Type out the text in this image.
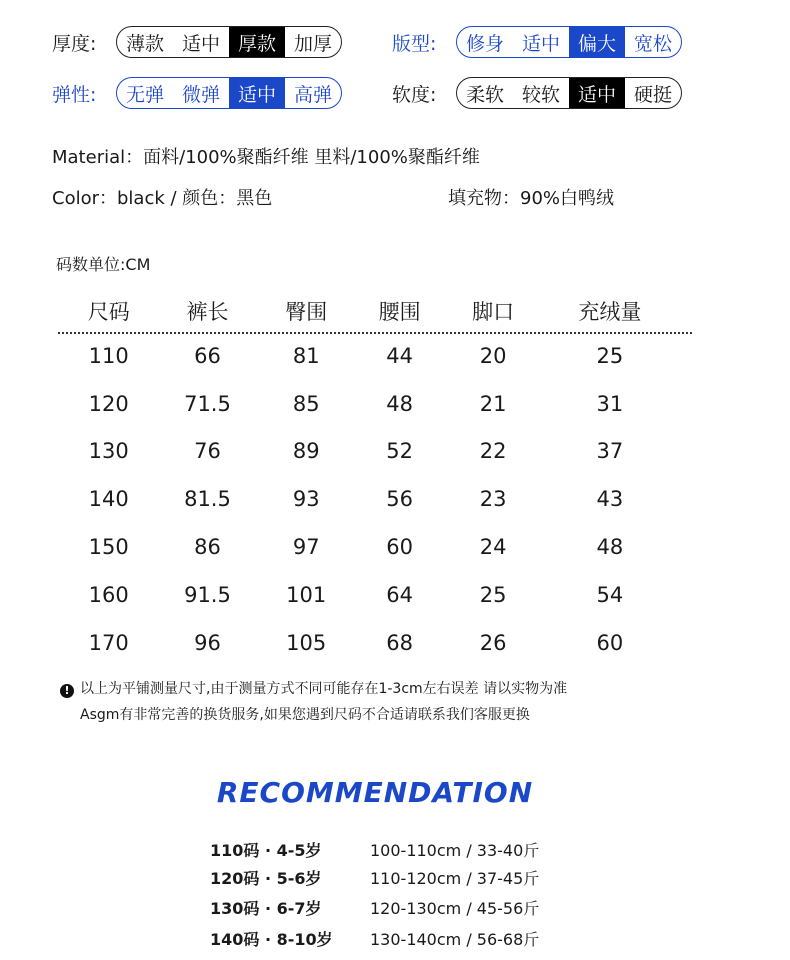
厚度:	薄款 适中 厚款 加厚	版型:	修身 适中 偏大 宽松
弹性:	无弹 微弹 适中 高弹	软度:	柔软 较软 适中 硬挺
Material：面料/100%聚酯纤维 里料/100%聚酯纤维
Color：black / 颜色：黑色	填充物：90%白鸭绒
码数单位:CM
尺码	裤长	臀围	腰围	脚口	充绒量
110	66	81	44	20	25
120	71.5	85	48	21	31
130	76	89	52	22	37
140	81.5	93	56	23	43
150	86	97	60	24	48
160	91.5	101	64	25	54
170	96	105	68	26	60
! 以上为平铺测量尺寸,由于测量方式不同可能存在1-3cm左右误差 请以实物为准
Asgm有非常完善的换货服务,如果您遇到尺码不合适请联系我们客服更换
RECOMMENDATION
110码 · 4-5岁	100-110cm / 33-40斤
120码 · 5-6岁	110-120cm / 37-45斤
130码 · 6-7岁	120-130cm / 45-56斤
140码 · 8-10岁 130-140cm / 56-68斤
